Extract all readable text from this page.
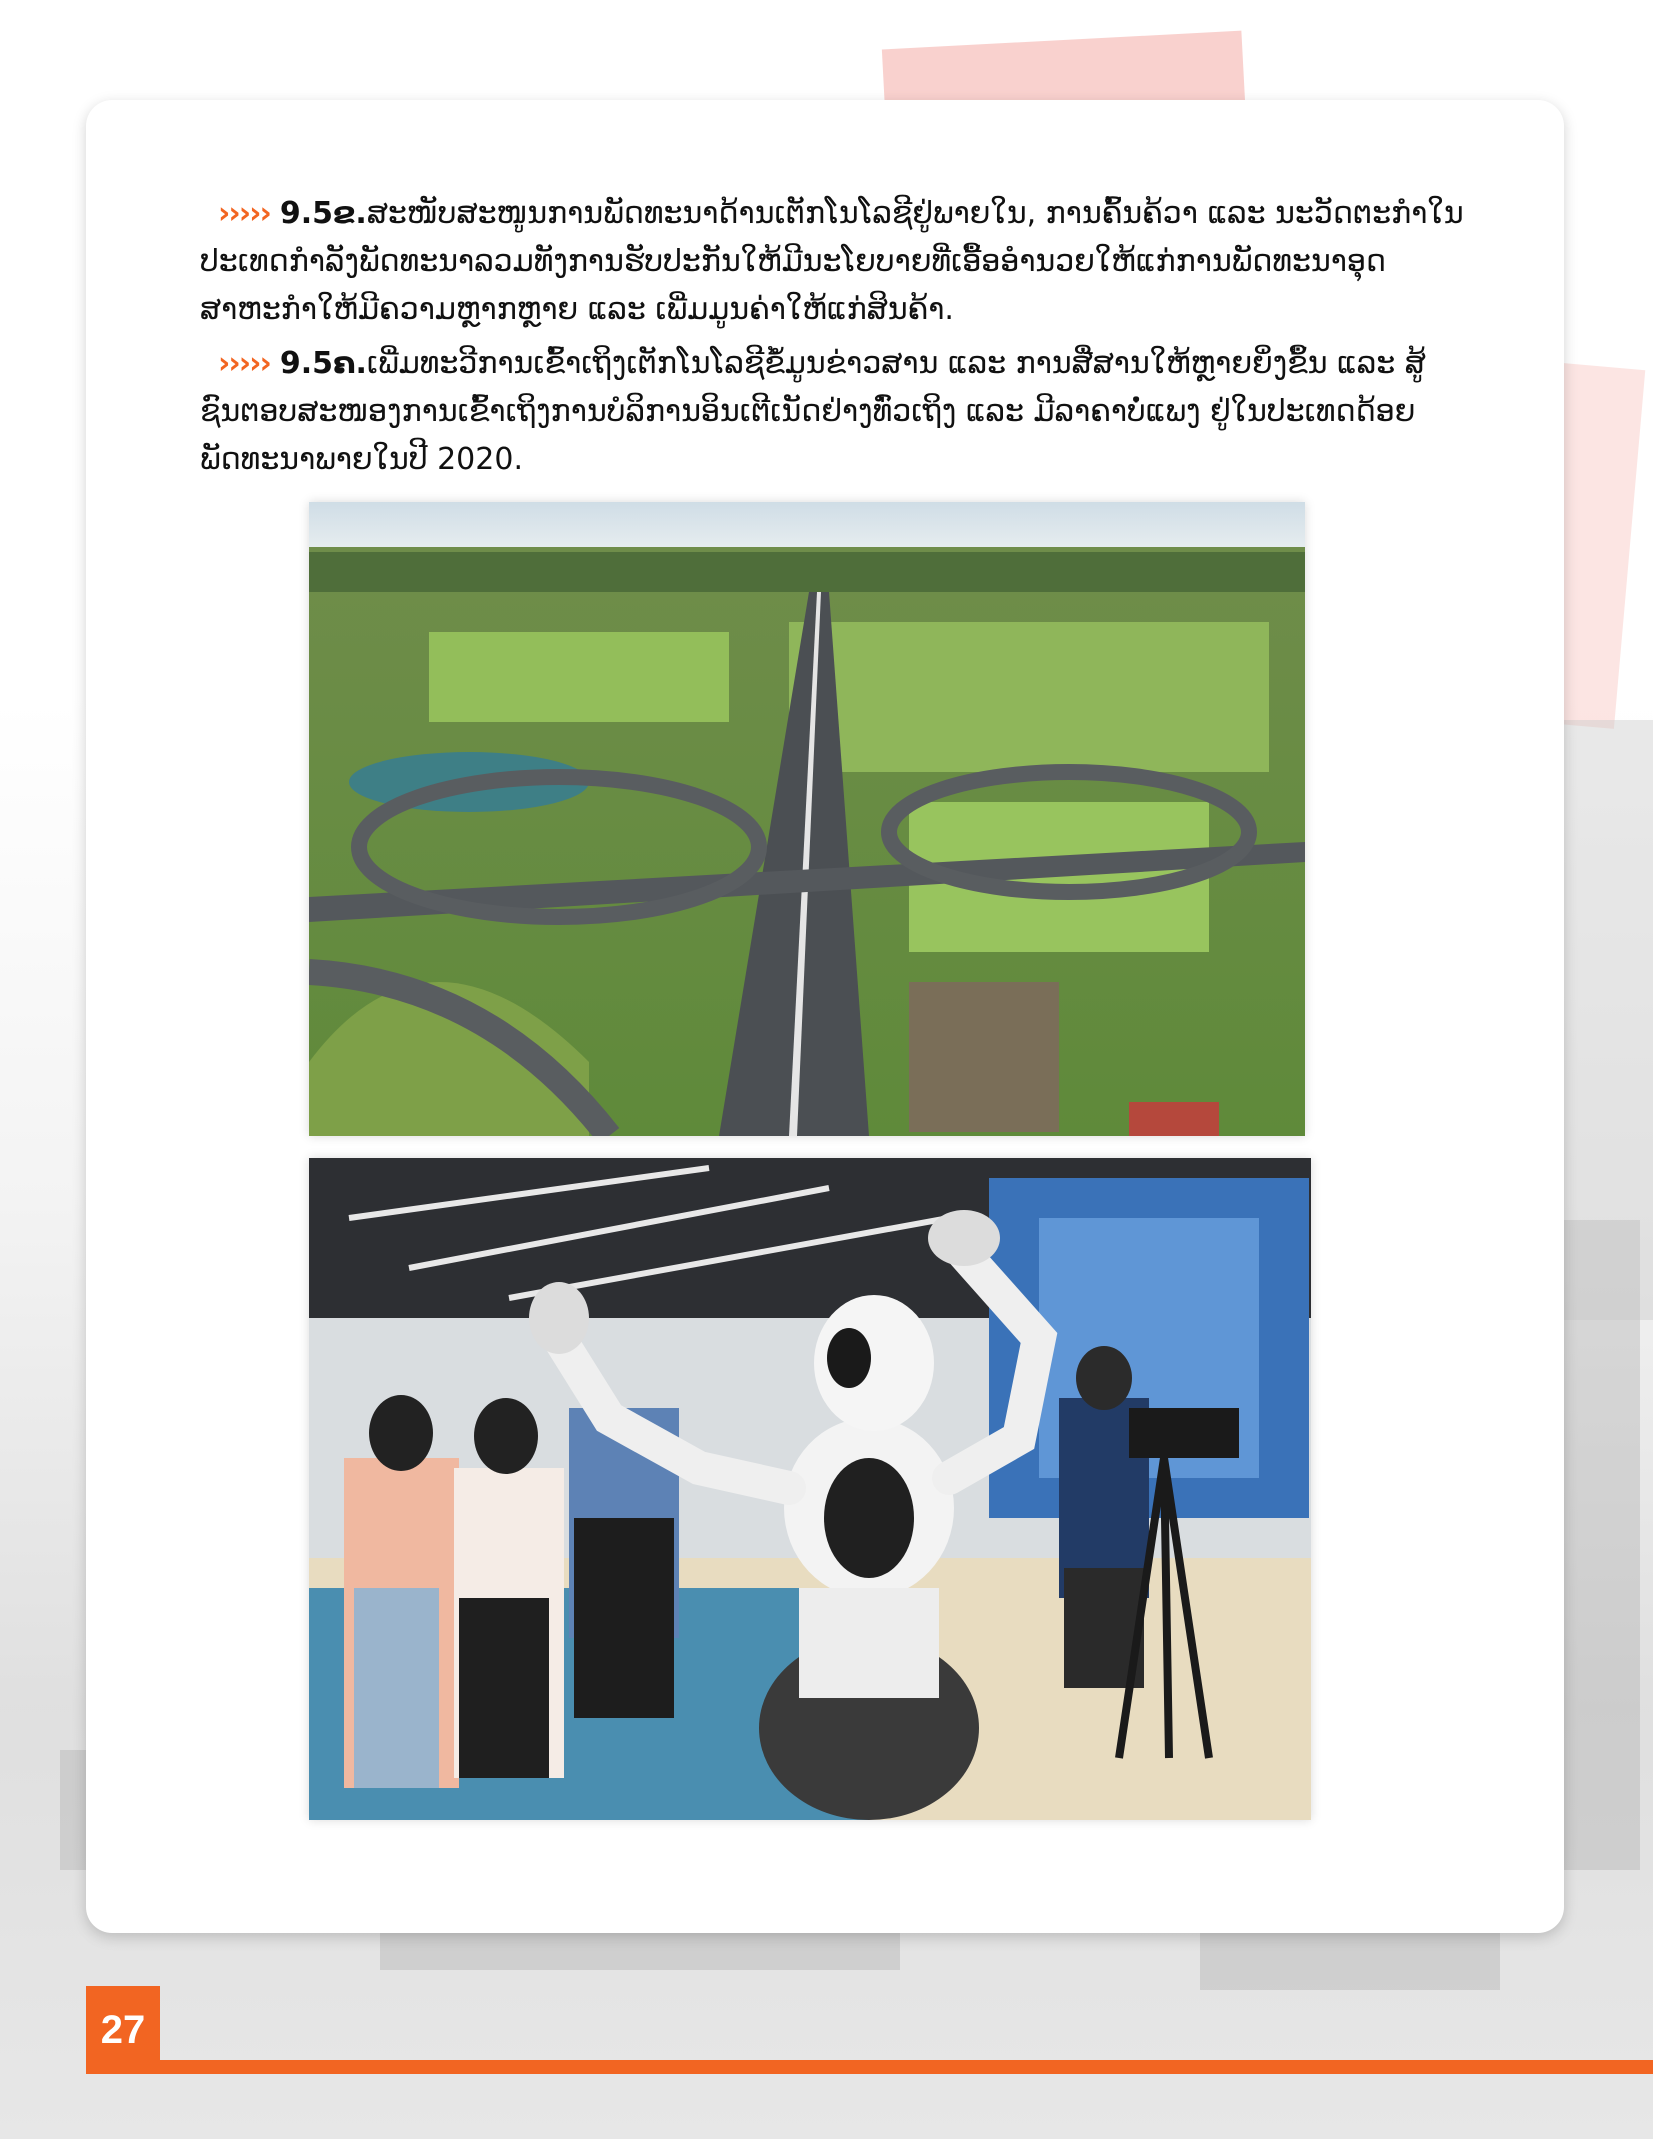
››››› 9.5ຂ.ສະໜັບສະໜູນການພັດທະນາດ້ານເຕັກໂນໂລຊີຢູ່ພາຍໃນ, ການຄົ້ນຄ້ວາ ແລະ ນະວັດຕະກໍາໃນປະເທດກໍາລັງພັດທະນາລວມທັງການຮັບປະກັນໃຫ້ມີນະໂຍບາຍທີ່ເອື້ອອໍານວຍໃຫ້ແກ່ການພັດທະນາອຸດສາຫະກໍາໃຫ້ມີຄວາມຫຼາກຫຼາຍ ແລະ ເພີ່ມມູນຄ່າໃຫ້ແກ່ສິນຄ້າ.

››››› 9.5ຄ.ເພີ່ມທະວີການເຂົ້າເຖິງເຕັກໂນໂລຊີຂໍ້ມູນຂ່າວສານ ແລະ ການສື່ສານໃຫ້ຫຼາຍຍິ່ງຂຶ້ນ ແລະ ສູ້ຊົນຕອບສະໜອງການເຂົ້າເຖິງການບໍລິການອິນເຕີເນັດຢ່າງທົ່ວເຖິງ ແລະ ມີລາຄາບໍ່ແພງ ຢູ່ໃນປະເທດດ້ອຍພັດທະນາພາຍໃນປີ 2020.

27
